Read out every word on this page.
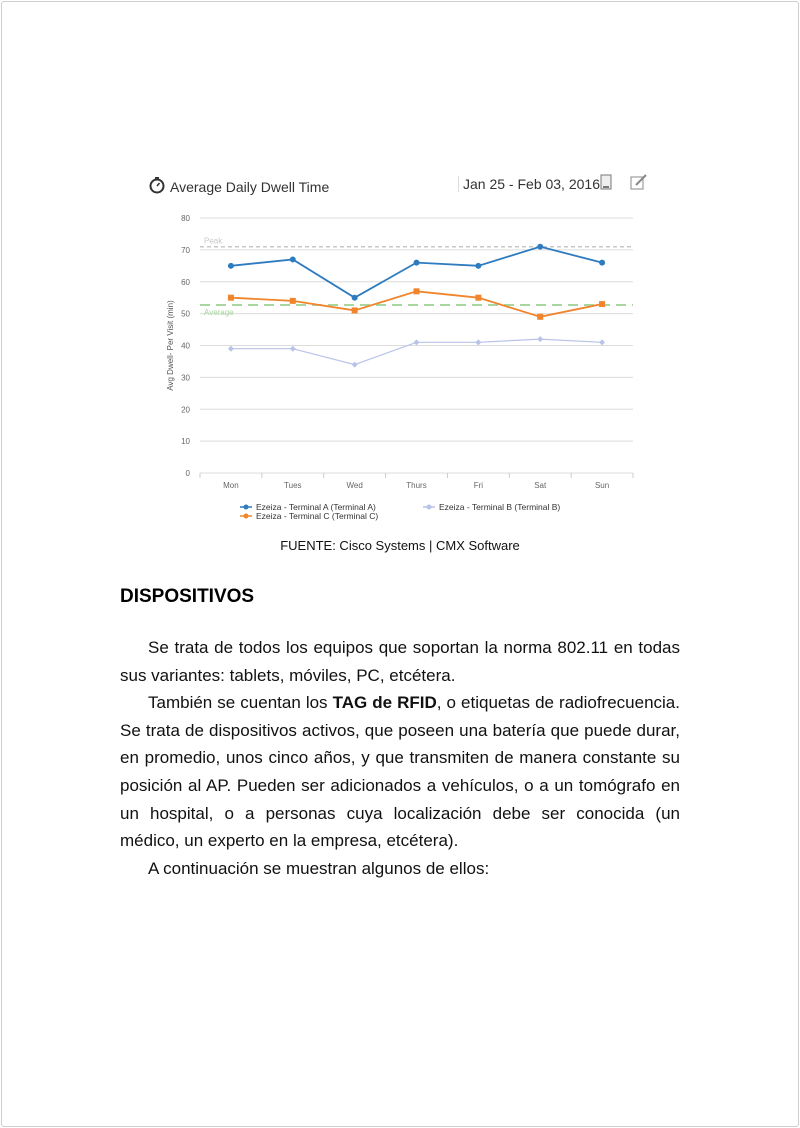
Average Daily Dwell Time	Jan 25 - Feb 03, 2016
0
10
20
30
40
50
60
70
80
Mon	Tues	Wed	Thurs	Fri	Sat	Sun
Avg Dwell- Per Visit (min)
Peak
Average
Ezeiza - Terminal A (Terminal A)	Ezeiza - Terminal B (Terminal B)
Ezeiza - Terminal C (Terminal C)
FUENTE: Cisco Systems | CMX Software
DISPOSITIVOS

Se trata de todos los equipos que soportan la norma 802.11 en todas sus variantes: tablets, móviles, PC, etcétera.

También se cuentan los TAG de RFID, o etiquetas de radiofrecuencia. Se trata de dispositivos activos, que poseen una batería que puede durar, en promedio, unos cinco años, y que transmiten de manera constante su posición al AP. Pueden ser adicionados a vehículos, o a un tomógrafo en un hospital, o a personas cuya localización debe ser conocida (un médico, un experto en la empresa, etcétera).

A continuación se muestran algunos de ellos:
